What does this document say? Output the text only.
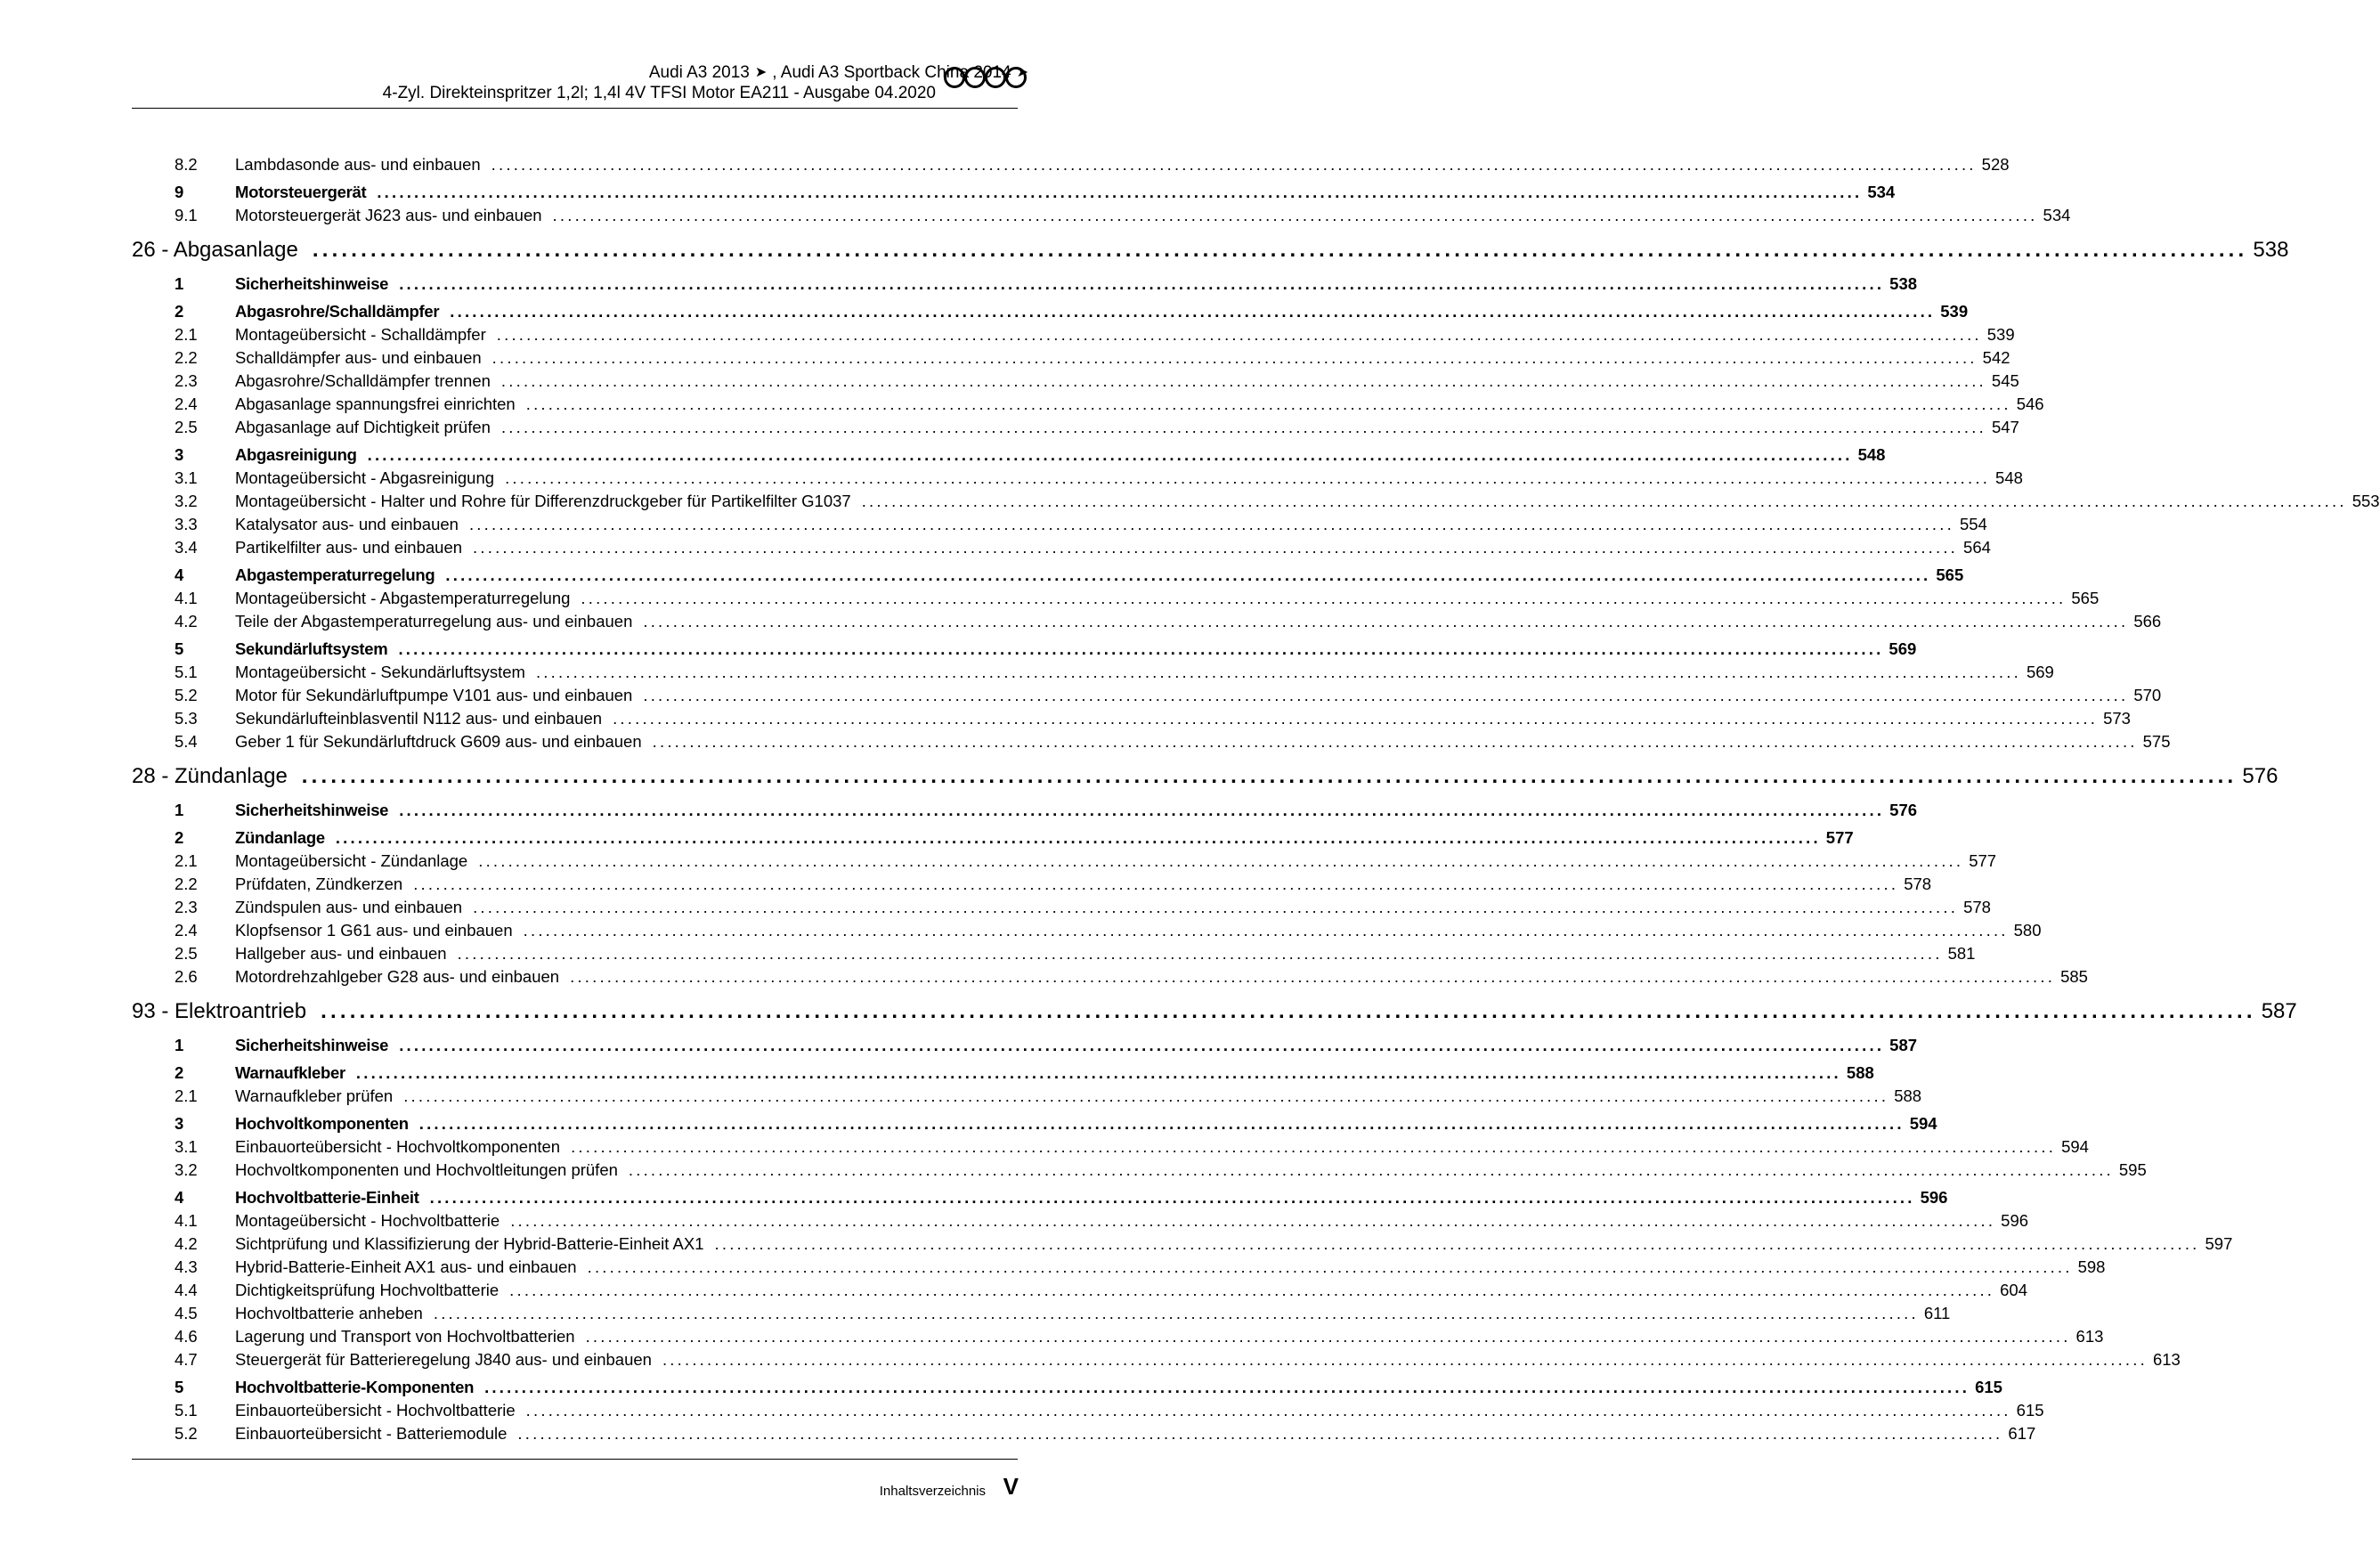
Audi A3 2013 ➤ , Audi A3 Sportback China 2014 ➤
4-Zyl. Direkteinspritzer 1,2l; 1,4l 4V TFSI Motor EA211 - Ausgabe 04.2020
8.2	Lambdasonde aus- und einbauen ........................................................................................................................................................................................................ 528
9	Motorsteuergerät ........................................................................................................................................................................................................ 534
9.1	Motorsteuergerät J623 aus- und einbauen ........................................................................................................................................................................................................ 534
26 - Abgasanlage ........................................................................................................................................................................................................ 538
1	Sicherheitshinweise ........................................................................................................................................................................................................ 538
2	Abgasrohre/Schalldämpfer ........................................................................................................................................................................................................ 539
2.1	Montageübersicht - Schalldämpfer ........................................................................................................................................................................................................ 539
2.2	Schalldämpfer aus- und einbauen ........................................................................................................................................................................................................ 542
2.3	Abgasrohre/Schalldämpfer trennen ........................................................................................................................................................................................................ 545
2.4	Abgasanlage spannungsfrei einrichten ........................................................................................................................................................................................................ 546
2.5	Abgasanlage auf Dichtigkeit prüfen ........................................................................................................................................................................................................ 547
3	Abgasreinigung ........................................................................................................................................................................................................ 548
3.1	Montageübersicht - Abgasreinigung ........................................................................................................................................................................................................ 548
3.2	Montageübersicht - Halter und Rohre für Differenzdruckgeber für Partikelfilter G1037 ........................................................................................................................................................................................................ 553
3.3	Katalysator aus- und einbauen ........................................................................................................................................................................................................ 554
3.4	Partikelfilter aus- und einbauen ........................................................................................................................................................................................................ 564
4	Abgastemperaturregelung ........................................................................................................................................................................................................ 565
4.1	Montageübersicht - Abgastemperaturregelung ........................................................................................................................................................................................................ 565
4.2	Teile der Abgastemperaturregelung aus- und einbauen ........................................................................................................................................................................................................ 566
5	Sekundärluftsystem ........................................................................................................................................................................................................ 569
5.1	Montageübersicht - Sekundärluftsystem ........................................................................................................................................................................................................ 569
5.2	Motor für Sekundärluftpumpe V101 aus- und einbauen ........................................................................................................................................................................................................ 570
5.3	Sekundärlufteinblasventil N112 aus- und einbauen ........................................................................................................................................................................................................ 573
5.4	Geber 1 für Sekundärluftdruck G609 aus- und einbauen ........................................................................................................................................................................................................ 575
28 - Zündanlage ........................................................................................................................................................................................................ 576
1	Sicherheitshinweise ........................................................................................................................................................................................................ 576
2	Zündanlage ........................................................................................................................................................................................................ 577
2.1	Montageübersicht - Zündanlage ........................................................................................................................................................................................................ 577
2.2	Prüfdaten, Zündkerzen ........................................................................................................................................................................................................ 578
2.3	Zündspulen aus- und einbauen ........................................................................................................................................................................................................ 578
2.4	Klopfsensor 1 G61 aus- und einbauen ........................................................................................................................................................................................................ 580
2.5	Hallgeber aus- und einbauen ........................................................................................................................................................................................................ 581
2.6	Motordrehzahlgeber G28 aus- und einbauen ........................................................................................................................................................................................................ 585
93 - Elektroantrieb ........................................................................................................................................................................................................ 587
1	Sicherheitshinweise ........................................................................................................................................................................................................ 587
2	Warnaufkleber ........................................................................................................................................................................................................ 588
2.1	Warnaufkleber prüfen ........................................................................................................................................................................................................ 588
3	Hochvoltkomponenten ........................................................................................................................................................................................................ 594
3.1	Einbauorteübersicht - Hochvoltkomponenten ........................................................................................................................................................................................................ 594
3.2	Hochvoltkomponenten und Hochvoltleitungen prüfen ........................................................................................................................................................................................................ 595
4	Hochvoltbatterie-Einheit ........................................................................................................................................................................................................ 596
4.1	Montageübersicht - Hochvoltbatterie ........................................................................................................................................................................................................ 596
4.2	Sichtprüfung und Klassifizierung der Hybrid-Batterie-Einheit AX1 ........................................................................................................................................................................................................ 597
4.3	Hybrid-Batterie-Einheit AX1 aus- und einbauen ........................................................................................................................................................................................................ 598
4.4	Dichtigkeitsprüfung Hochvoltbatterie ........................................................................................................................................................................................................ 604
4.5	Hochvoltbatterie anheben ........................................................................................................................................................................................................ 611
4.6	Lagerung und Transport von Hochvoltbatterien ........................................................................................................................................................................................................ 613
4.7	Steuergerät für Batterieregelung J840 aus- und einbauen ........................................................................................................................................................................................................ 613
5	Hochvoltbatterie-Komponenten ........................................................................................................................................................................................................ 615
5.1	Einbauorteübersicht - Hochvoltbatterie ........................................................................................................................................................................................................ 615
5.2	Einbauorteübersicht - Batteriemodule ........................................................................................................................................................................................................ 617
Inhaltsverzeichnis V
